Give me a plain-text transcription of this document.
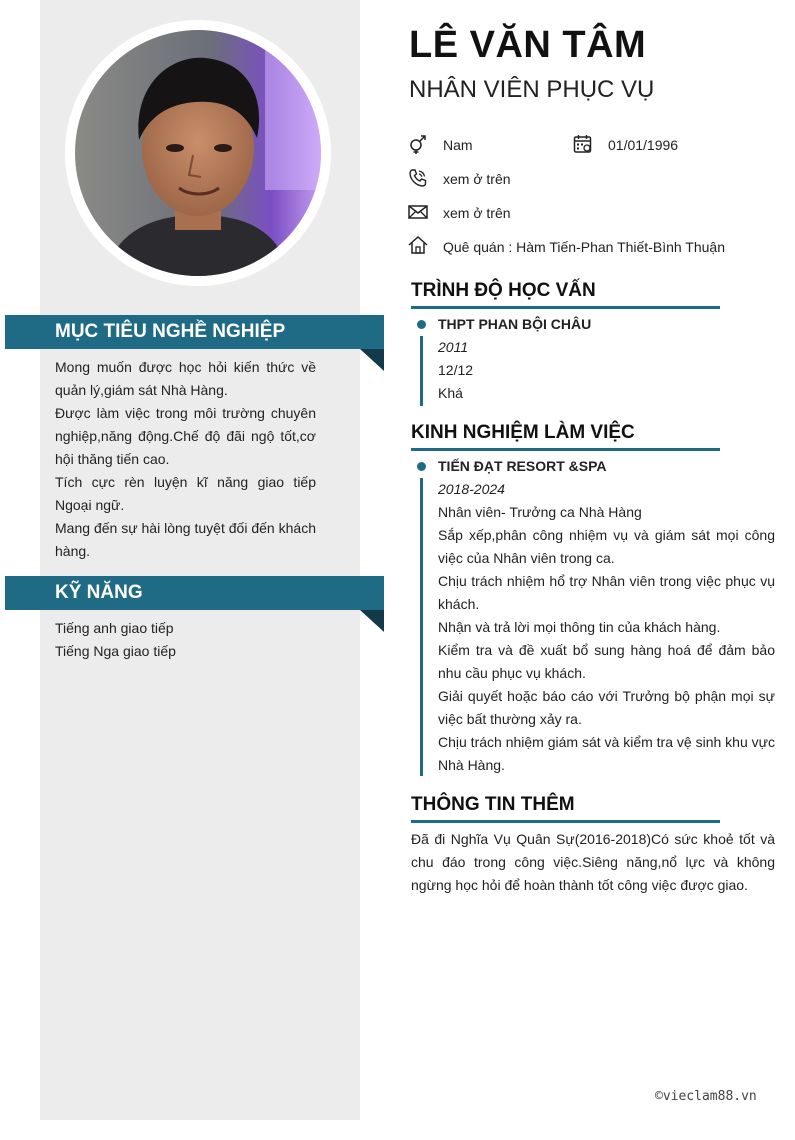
MỤC TIÊU NGHỀ NGHIỆP

Mong muốn được học hỏi kiến thức về quản lý,giám sát Nhà Hàng.

Được làm việc trong môi trường chuyên nghiệp,năng động.Chế độ đãi ngộ tốt,cơ hội thăng tiến cao.

Tích cực rèn luyện kĩ năng giao tiếp Ngoại ngữ.

Mang đến sự hài lòng tuyệt đối đến khách hàng.

KỸ NĂNG

Tiếng anh giao tiếp

Tiếng Nga giao tiếp

LÊ VĂN TÂM
NHÂN VIÊN PHỤC VỤ
Nam	01/01/1996
xem ở trên
xem ở trên
Quê quán : Hàm Tiến-Phan Thiết-Bình Thuận
TRÌNH ĐỘ HỌC VẤN

THPT PHAN BỘI CHÂU

2011

12/12

Khá

KINH NGHIỆM LÀM VIỆC

TIẾN ĐẠT RESORT &SPA

2018-2024

Nhân viên- Trưởng ca Nhà Hàng

Sắp xếp,phân công nhiệm vụ và giám sát mọi công việc của Nhân viên trong ca.

Chịu trách nhiệm hổ trợ Nhân viên trong việc phục vụ khách.

Nhận và trả lời mọi thông tin của khách hàng.

Kiểm tra và đề xuất bổ sung hàng hoá để đảm bảo nhu cầu phục vụ khách.

Giải quyết hoặc báo cáo với Trưởng bộ phận mọi sự việc bất thường xảy ra.

Chịu trách nhiệm giám sát và kiểm tra vệ sinh khu vực Nhà Hàng.

THÔNG TIN THÊM
Đã đi Nghĩa Vụ Quân Sự(2016-2018)Có sức khoẻ tốt và chu đáo trong công việc.Siêng năng,nổ lực và không ngừng học hỏi để hoàn thành tốt công việc được giao.
©vieclam88.vn
